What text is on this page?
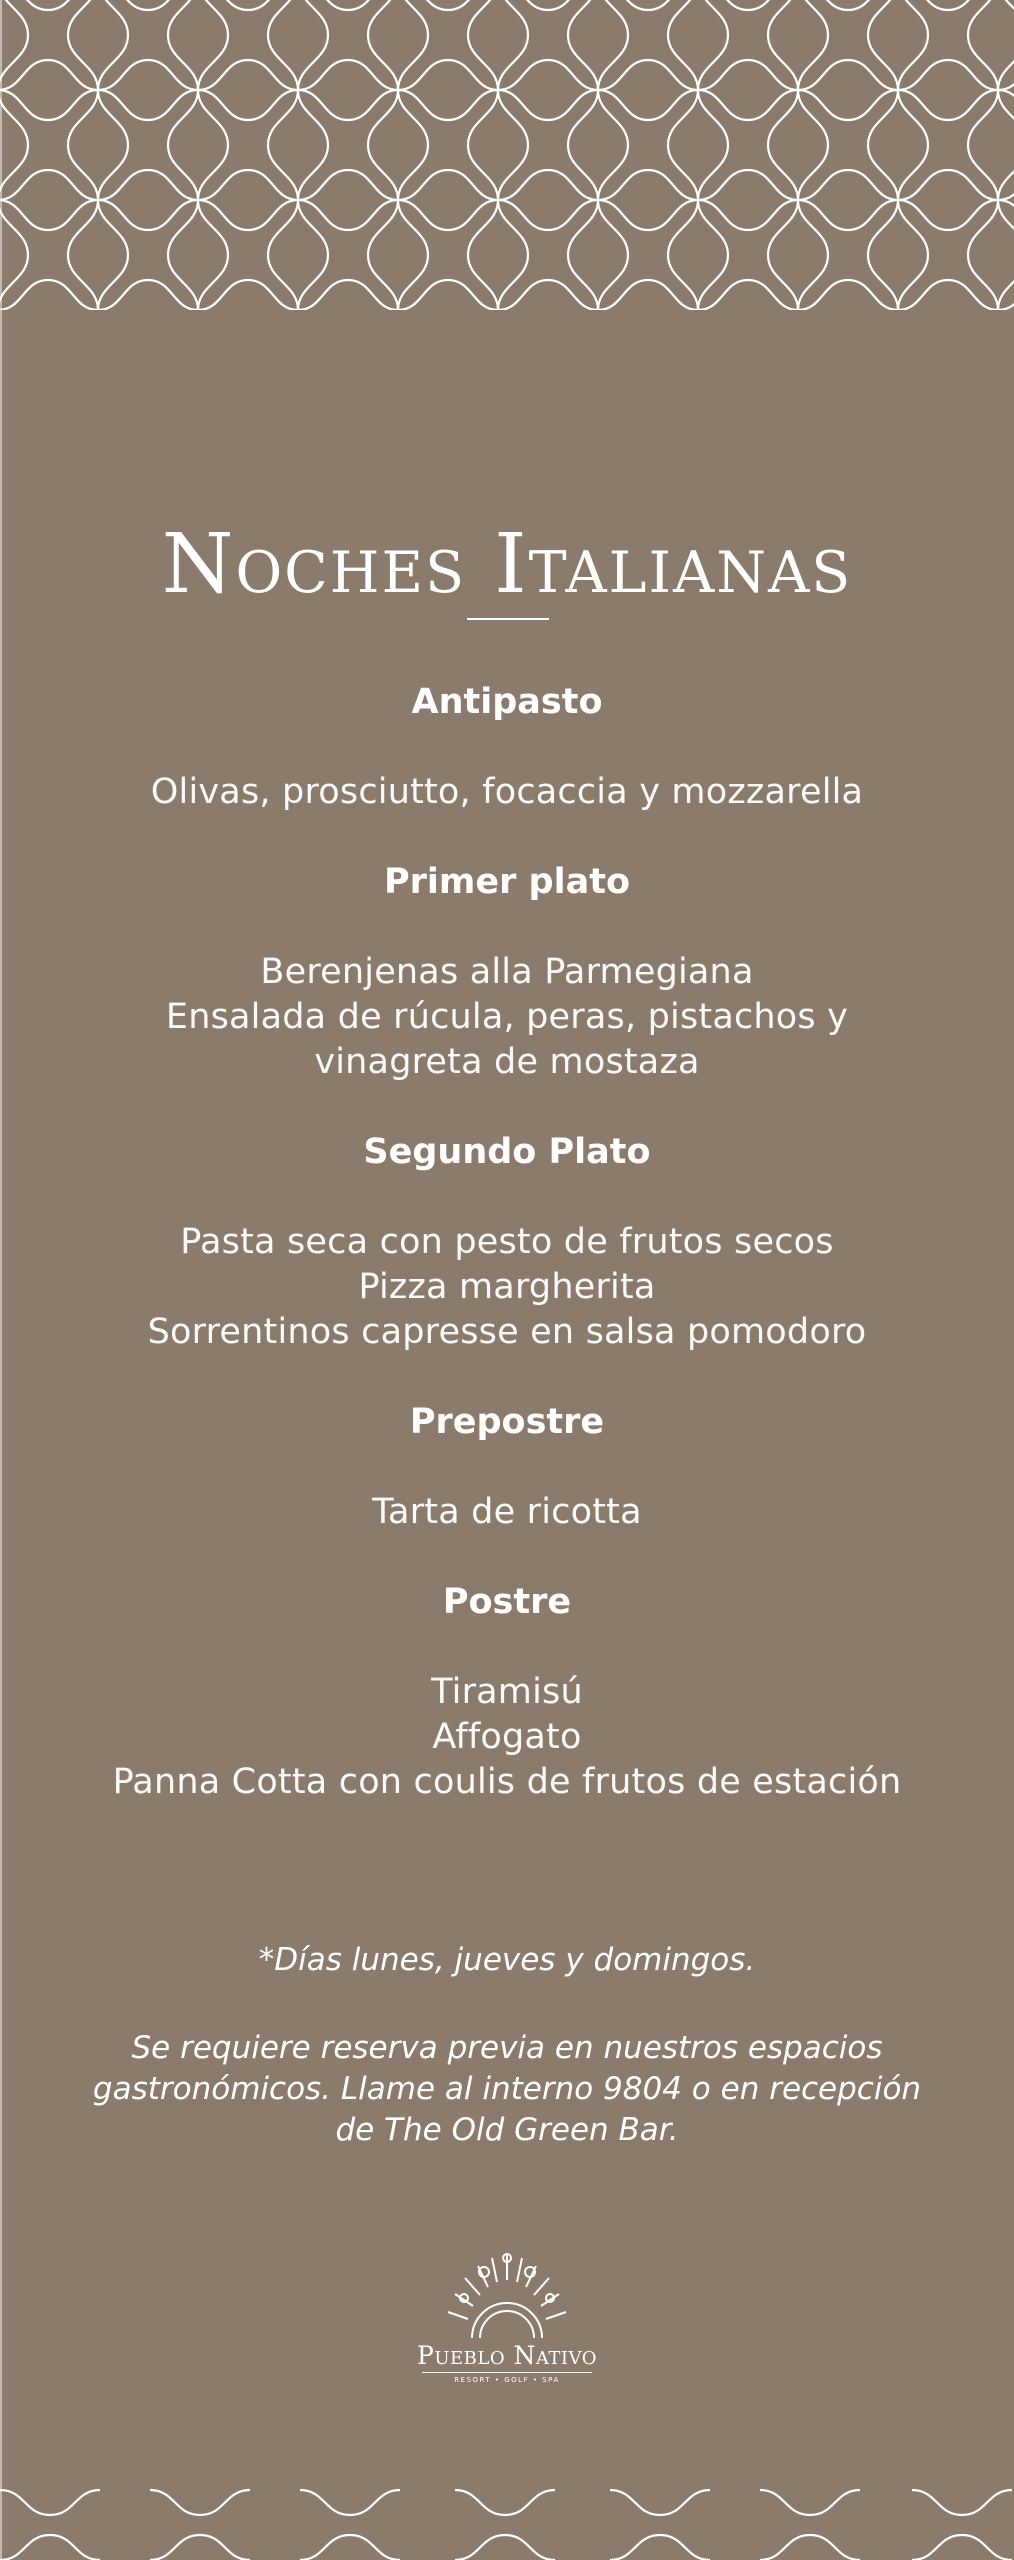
Noches Italianas
Antipasto
Olivas, prosciutto, focaccia y mozzarella
Primer plato
Berenjenas alla Parmegiana
Ensalada de rúcula, peras, pistachos y
vinagreta de mostaza
Segundo Plato
Pasta seca con pesto de frutos secos
Pizza margherita
Sorrentinos capresse en salsa pomodoro
Prepostre
Tarta de ricotta
Postre
Tiramisú
Affogato
Panna Cotta con coulis de frutos de estación

*Días lunes, jueves y domingos.

Se requiere reserva previa en nuestros espacios gastronómicos. Llame al interno 9804 o en recepción de The Old Green Bar.

Pueblo Nativo
RESORT • GOLF • SPA
